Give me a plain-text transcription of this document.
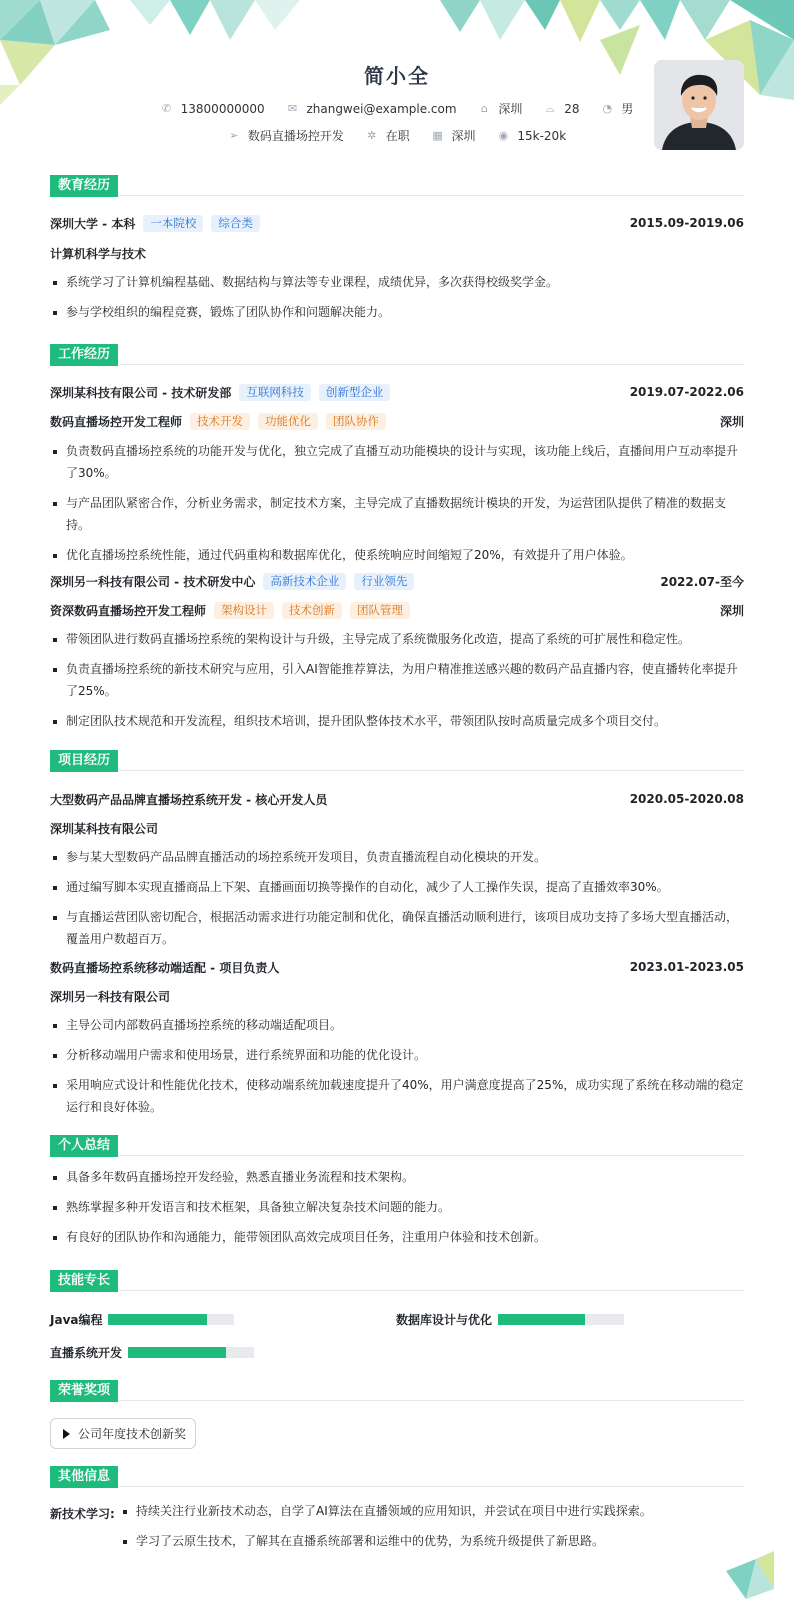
简小全
✆ 13800000000
✉ zhangwei@example.com
⌂ 深圳
⌓ 28
◔ 男
➢ 数码直播场控开发
✲ 在职
▦ 深圳
◉ 15k-20k
教育经历
深圳大学 - 本科	一本院校	综合类	2015.09-2019.06
计算机科学与技术
系统学习了计算机编程基础、数据结构与算法等专业课程，成绩优异，多次获得校级奖学金。
参与学校组织的编程竞赛，锻炼了团队协作和问题解决能力。
工作经历
深圳某科技有限公司 - 技术研发部	互联网科技	创新型企业	2019.07-2022.06
数码直播场控开发工程师	技术开发	功能优化	团队协作	深圳
负责数码直播场控系统的功能开发与优化，独立完成了直播互动功能模块的设计与实现，该功能上线后，直播间用户互动率提升了30%。
与产品团队紧密合作，分析业务需求，制定技术方案，主导完成了直播数据统计模块的开发，为运营团队提供了精准的数据支持。
优化直播场控系统性能，通过代码重构和数据库优化，使系统响应时间缩短了20%，有效提升了用户体验。
深圳另一科技有限公司 - 技术研发中心	高新技术企业	行业领先	2022.07-至今
资深数码直播场控开发工程师	架构设计	技术创新	团队管理	深圳
带领团队进行数码直播场控系统的架构设计与升级，主导完成了系统微服务化改造，提高了系统的可扩展性和稳定性。
负责直播场控系统的新技术研究与应用，引入AI智能推荐算法，为用户精准推送感兴趣的数码产品直播内容，使直播转化率提升了25%。
制定团队技术规范和开发流程，组织技术培训，提升团队整体技术水平，带领团队按时高质量完成多个项目交付。
项目经历
大型数码产品品牌直播场控系统开发 - 核心开发人员	2020.05-2020.08
深圳某科技有限公司
参与某大型数码产品品牌直播活动的场控系统开发项目，负责直播流程自动化模块的开发。
通过编写脚本实现直播商品上下架、直播画面切换等操作的自动化，减少了人工操作失误，提高了直播效率30%。
与直播运营团队密切配合，根据活动需求进行功能定制和优化，确保直播活动顺利进行，该项目成功支持了多场大型直播活动，覆盖用户数超百万。
数码直播场控系统移动端适配 - 项目负责人	2023.01-2023.05
深圳另一科技有限公司
主导公司内部数码直播场控系统的移动端适配项目。
分析移动端用户需求和使用场景，进行系统界面和功能的优化设计。
采用响应式设计和性能优化技术，使移动端系统加载速度提升了40%，用户满意度提高了25%，成功实现了系统在移动端的稳定运行和良好体验。
个人总结
具备多年数码直播场控开发经验，熟悉直播业务流程和技术架构。
熟练掌握多种开发语言和技术框架，具备独立解决复杂技术问题的能力。
有良好的团队协作和沟通能力，能带领团队高效完成项目任务，注重用户体验和技术创新。
技能专长
Java编程	数据库设计与优化
直播系统开发
荣誉奖项
公司年度技术创新奖
其他信息
新技术学习:	持续关注行业新技术动态，自学了AI算法在直播领域的应用知识，并尝试在项目中进行实践探索。
学习了云原生技术，了解其在直播系统部署和运维中的优势，为系统升级提供了新思路。
